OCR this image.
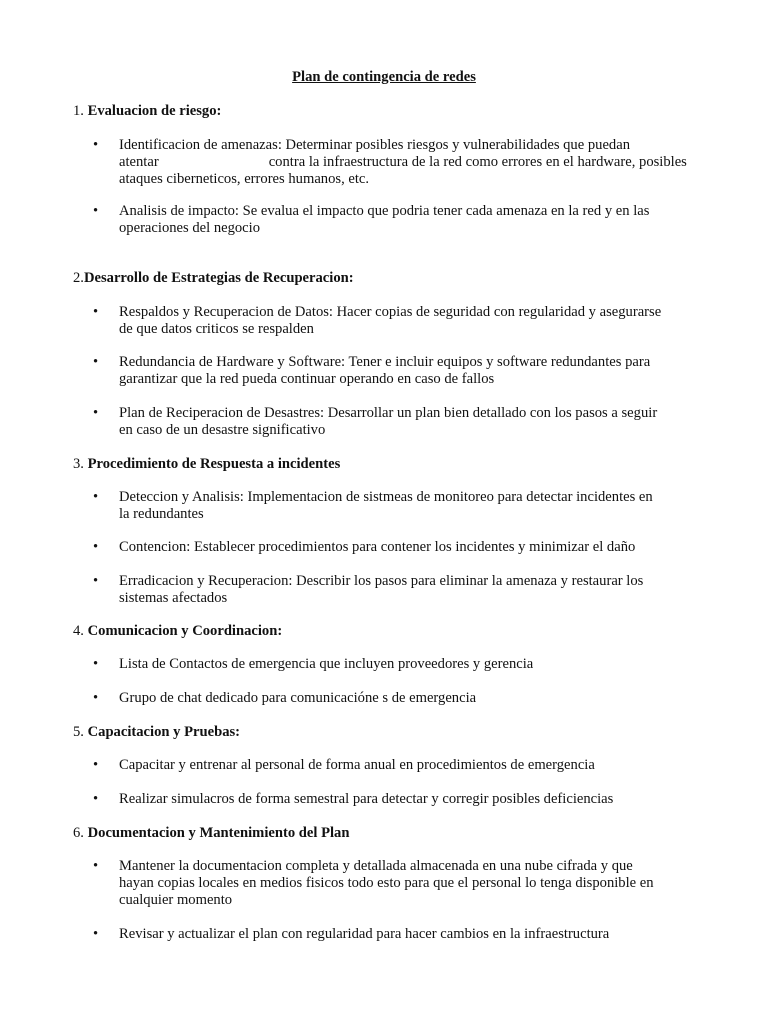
Plan de contingencia de redes
1. Evaluacion de riesgo:
•	Identificacion de amenazas: Determinar posibles riesgos y vulnerabilidades que puedan
atentar	contra la infraestructura de la red como errores en el hardware, posibles
ataques ciberneticos, errores humanos, etc.
•	Analisis de impacto: Se evalua el impacto que podria tener cada amenaza en la red y en las
operaciones del negocio
2.Desarrollo de Estrategias de Recuperacion:
•	Respaldos y Recuperacion de Datos: Hacer copias de seguridad con regularidad y asegurarse
de que datos criticos se respalden
•	Redundancia de Hardware y Software: Tener e incluir equipos y software redundantes para
garantizar que la red pueda continuar operando en caso de fallos
•	Plan de Reciperacion de Desastres: Desarrollar un plan bien detallado con los pasos a seguir
en caso de un desastre significativo
3. Procedimiento de Respuesta a incidentes
•	Deteccion y Analisis: Implementacion de sistmeas de monitoreo para detectar incidentes en
la redundantes
•	Contencion: Establecer procedimientos para contener los incidentes y minimizar el daño
•	Erradicacion y Recuperacion: Describir los pasos para eliminar la amenaza y restaurar los
sistemas afectados
4. Comunicacion y Coordinacion:
•	Lista de Contactos de emergencia que incluyen proveedores y gerencia
•	Grupo de chat dedicado para comunicacióne s de emergencia
5. Capacitacion y Pruebas:
•	Capacitar y entrenar al personal de forma anual en procedimientos de emergencia
•	Realizar simulacros de forma semestral para detectar y corregir posibles deficiencias
6. Documentacion y Mantenimiento del Plan
•	Mantener la documentacion completa y detallada almacenada en una nube cifrada y que
hayan copias locales en medios fisicos todo esto para que el personal lo tenga disponible en
cualquier momento
•	Revisar y actualizar el plan con regularidad para hacer cambios en la infraestructura
